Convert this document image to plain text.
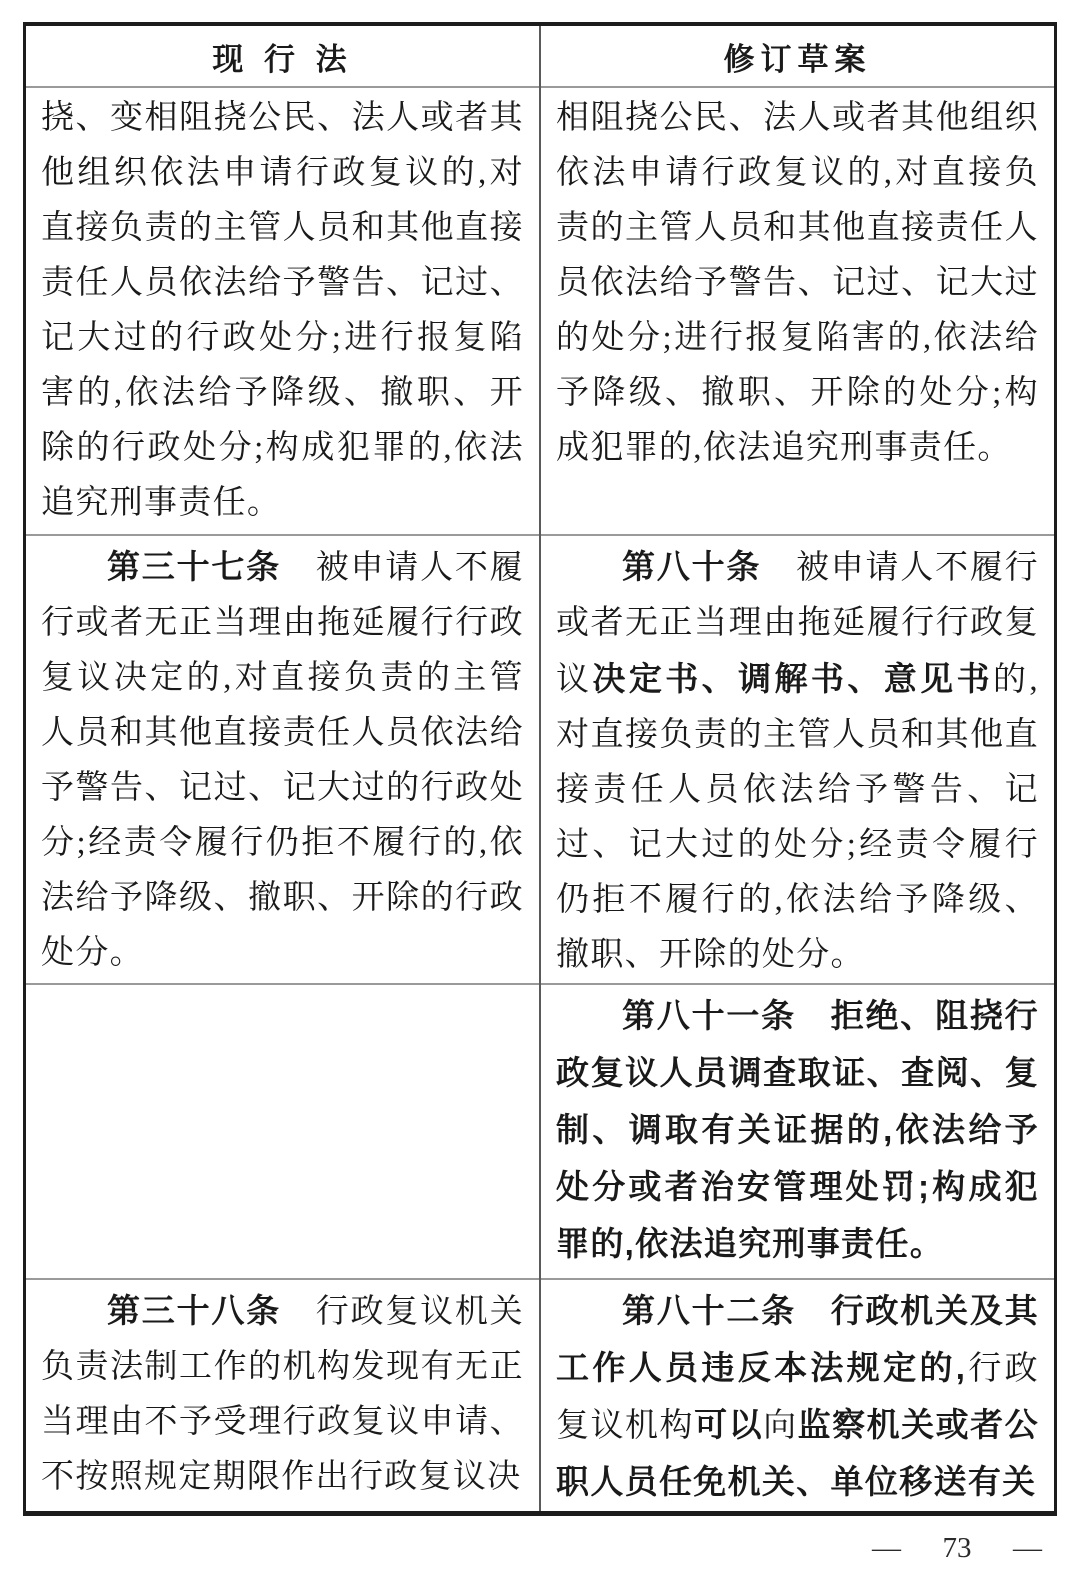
现 行 法	修订草案

挠、变相阻挠公民、法人或者其他组织依法申请行政复议的,对直接负责的主管人员和其他直接责任人员依法给予警告、记过、记大过的行政处分;进行报复陷害的,依法给予降级、撤职、开除的行政处分;构成犯罪的,依法追究刑事责任。	相阻挠公民、法人或者其他组织依法申请行政复议的,对直接负责的主管人员和其他直接责任人员依法给予警告、记过、记大过的处分;进行报复陷害的,依法给予降级、撤职、开除的处分;构成犯罪的,依法追究刑事责任。

第三十七条　被申请人不履行或者无正当理由拖延履行行政复议决定的,对直接负责的主管人员和其他直接责任人员依法给予警告、记过、记大过的行政处分;经责令履行仍拒不履行的,依法给予降级、撤职、开除的行政处分。	第八十条　被申请人不履行或者无正当理由拖延履行行政复议决定书、调解书、意见书的,对直接负责的主管人员和其他直接责任人员依法给予警告、记过、记大过的处分;经责令履行仍拒不履行的,依法给予降级、撤职、开除的处分。

	第八十一条　拒绝、阻挠行政复议人员调查取证、查阅、复制、调取有关证据的,依法给予处分或者治安管理处罚;构成犯罪的,依法追究刑事责任。

第三十八条　行政复议机关负责法制工作的机构发现有无正当理由不予受理行政复议申请、不按照规定期限作出行政复议决	第八十二条　 行政机关及其工作人员违反本法规定的,行政复议机构可以向监察机关或者公职人员任免机关、单位移送有关

— 73 —
